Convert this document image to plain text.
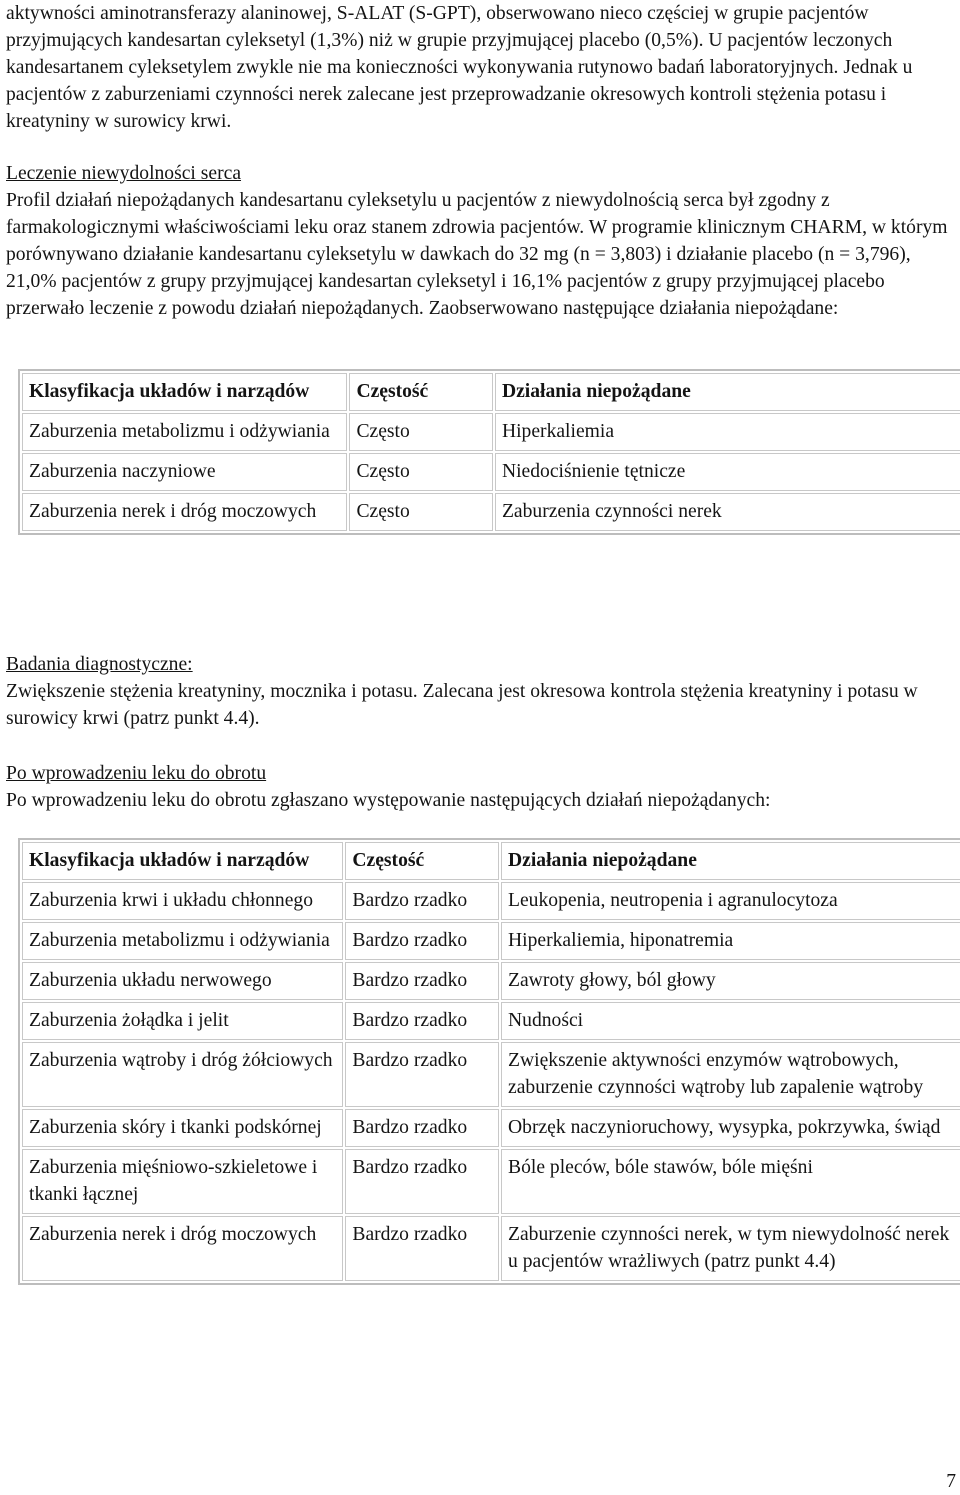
aktywności aminotransferazy alaninowej, S-ALAT (S-GPT), obserwowano nieco częściej w grupie pacjentów przyjmujących kandesartan cyleksetyl (1,3%) niż w grupie przyjmującej placebo (0,5%). U pacjentów leczonych kandesartanem cyleksetylem zwykle nie ma konieczności wykonywania rutynowo badań laboratoryjnych. Jednak u pacjentów z zaburzeniami czynności nerek zalecane jest przeprowadzanie okresowych kontroli stężenia potasu i kreatyniny w surowicy krwi.

Leczenie niewydolności serca

Profil działań niepożądanych kandesartanu cyleksetylu u pacjentów z niewydolnością serca był zgodny z farmakologicznymi właściwościami leku oraz stanem zdrowia pacjentów. W programie klinicznym CHARM, w którym porównywano działanie kandesartanu cyleksetylu w dawkach do 32 mg (n = 3,803) i działanie placebo (n = 3,796), 21,0% pacjentów z grupy przyjmującej kandesartan cyleksetyl i 16,1% pacjentów z grupy przyjmującej placebo przerwało leczenie z powodu działań niepożądanych. Zaobserwowano następujące działania niepożądane:

Klasyfikacja układów i narządów	Częstość	Działania niepożądane
Zaburzenia metabolizmu i odżywiania	Często	Hiperkaliemia
Zaburzenia naczyniowe	Często	Niedociśnienie tętnicze
Zaburzenia nerek i dróg moczowych	Często	Zaburzenia czynności nerek

Badania diagnostyczne:

Zwiększenie stężenia kreatyniny, mocznika i potasu. Zalecana jest okresowa kontrola stężenia kreatyniny i potasu w surowicy krwi (patrz punkt 4.4).

Po wprowadzeniu leku do obrotu

Po wprowadzeniu leku do obrotu zgłaszano występowanie następujących działań niepożądanych:

Klasyfikacja układów i narządów	Częstość	Działania niepożądane
Zaburzenia krwi i układu chłonnego	Bardzo rzadko	Leukopenia, neutropenia i agranulocytoza
Zaburzenia metabolizmu i odżywiania	Bardzo rzadko	Hiperkaliemia, hiponatremia
Zaburzenia układu nerwowego	Bardzo rzadko	Zawroty głowy, ból głowy
Zaburzenia żołądka i jelit	Bardzo rzadko	Nudności
Zaburzenia wątroby i dróg żółciowych	Bardzo rzadko	Zwiększenie aktywności enzymów wątrobowych, zaburzenie czynności wątroby lub zapalenie wątroby
Zaburzenia skóry i tkanki podskórnej	Bardzo rzadko	Obrzęk naczynioruchowy, wysypka, pokrzywka, świąd
Zaburzenia mięśniowo-szkieletowe i tkanki łącznej	Bardzo rzadko	Bóle pleców, bóle stawów, bóle mięśni
Zaburzenia nerek i dróg moczowych	Bardzo rzadko	Zaburzenie czynności nerek, w tym niewydolność nerek u pacjentów wrażliwych (patrz punkt 4.4)

7
